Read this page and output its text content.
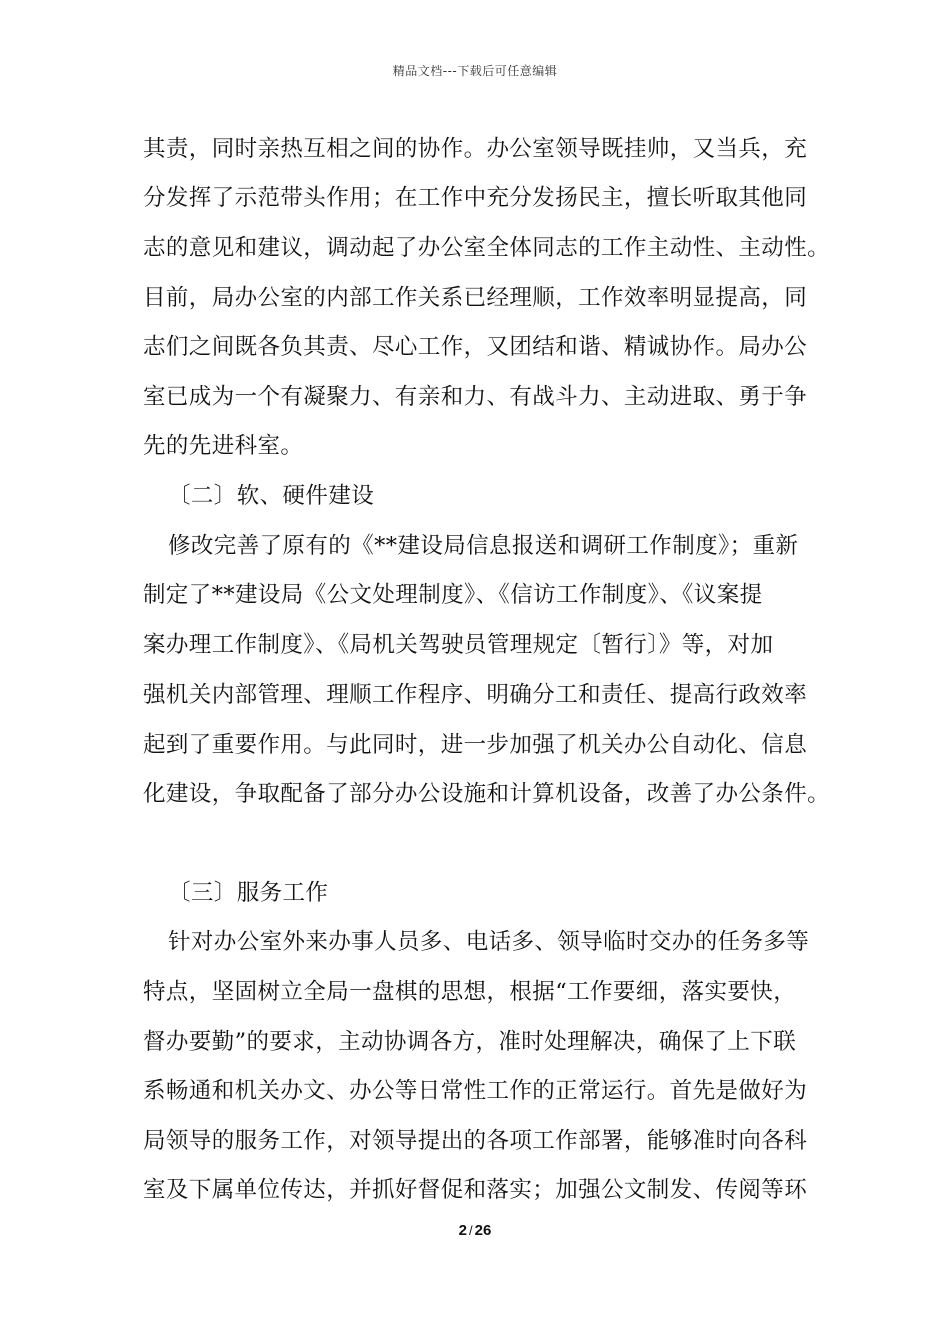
精品文档---下载后可任意编辑
其责，同时亲热互相之间的协作。办公室领导既挂帅，又当兵，充
分发挥了示范带头作用；在工作中充分发扬民主，擅长听取其他同
志的意见和建议，调动起了办公室全体同志的工作主动性、主动性。
目前，局办公室的内部工作关系已经理顺，工作效率明显提高，同
志们之间既各负其责、尽心工作，又团结和谐、精诚协作。局办公
室已成为一个有凝聚力、有亲和力、有战斗力、主动进取、勇于争
先的先进科室。
〔二〕软、硬件建设
修改完善了原有的《**建设局信息报送和调研工作制度》；重新
制定了**建设局《公文处理制度》、《信访工作制度》、《议案提
案办理工作制度》、《局机关驾驶员管理规定〔暂行〕》等，对加
强机关内部管理、理顺工作程序、明确分工和责任、提高行政效率
起到了重要作用。与此同时，进一步加强了机关办公自动化、信息
化建设，争取配备了部分办公设施和计算机设备，改善了办公条件。
〔三〕服务工作
针对办公室外来办事人员多、电话多、领导临时交办的任务多等
特点，坚固树立全局一盘棋的思想，根据“工作要细，落实要快，
督办要勤”的要求，主动协调各方，准时处理解决，确保了上下联
系畅通和机关办文、办公等日常性工作的正常运行。首先是做好为
局领导的服务工作，对领导提出的各项工作部署，能够准时向各科
室及下属单位传达，并抓好督促和落实；加强公文制发、传阅等环
2 / 26
